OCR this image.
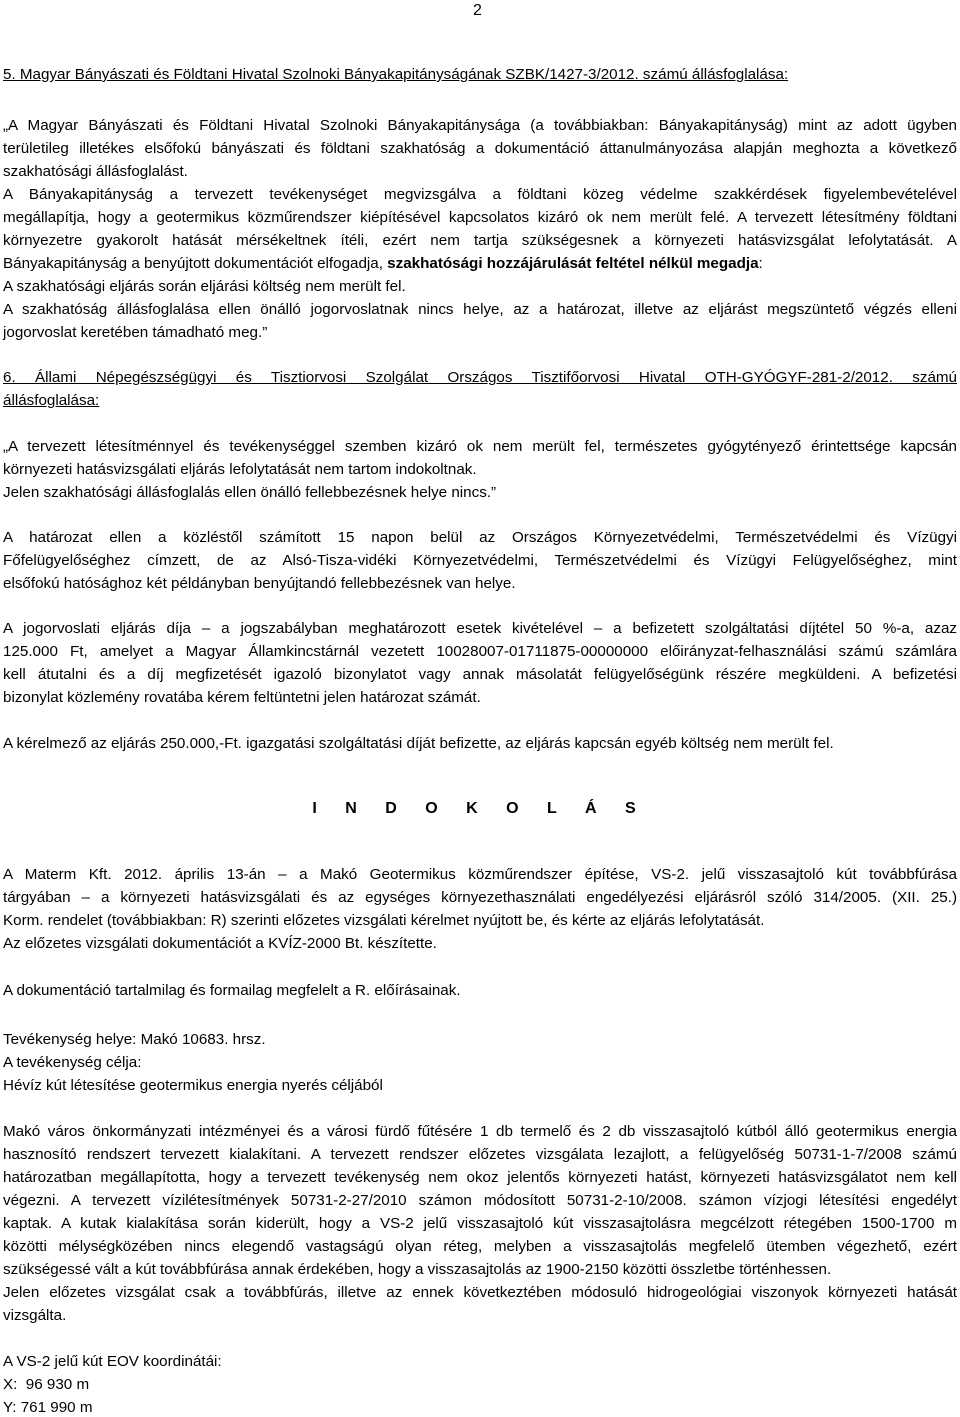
2
5. Magyar Bányászati és Földtani Hivatal Szolnoki Bányakapitányságának SZBK/1427-3/2012. számú állásfoglalása:
„A Magyar Bányászati és Földtani Hivatal Szolnoki Bányakapitánysága (a továbbiakban: Bányakapitányság) mint az adott ügyben
területileg illetékes elsőfokú bányászati és földtani szakhatóság a dokumentáció áttanulmányozása alapján meghozta a következő
szakhatósági állásfoglalást.
A Bányakapitányság a tervezett tevékenységet megvizsgálva a földtani közeg védelme szakkérdések figyelembevételével
megállapítja, hogy a geotermikus közműrendszer kiépítésével kapcsolatos kizáró ok nem merült felé. A tervezett létesítmény földtani
környezetre gyakorolt hatását mérsékeltnek ítéli, ezért nem tartja szükségesnek a környezeti hatásvizsgálat lefolytatását. A
Bányakapitányság a benyújtott dokumentációt elfogadja, szakhatósági hozzájárulását feltétel nélkül megadja:
A szakhatósági eljárás során eljárási költség nem merült fel.
A szakhatóság állásfoglalása ellen önálló jogorvoslatnak nincs helye, az a határozat, illetve az eljárást megszüntető végzés elleni
jogorvoslat keretében támadható meg.”
6. Állami Népegészségügyi és Tisztiorvosi Szolgálat Országos Tisztifőorvosi Hivatal OTH-GYÓGYF-281-2/2012. számú
állásfoglalása:
„A tervezett létesítménnyel és tevékenységgel szemben kizáró ok nem merült fel, természetes gyógytényező érintettsége kapcsán
környezeti hatásvizsgálati eljárás lefolytatását nem tartom indokoltnak.
Jelen szakhatósági állásfoglalás ellen önálló fellebbezésnek helye nincs.”
A határozat ellen a közléstől számított 15 napon belül az Országos Környezetvédelmi, Természetvédelmi és Vízügyi
Főfelügyelőséghez címzett, de az Alsó-Tisza-vidéki Környezetvédelmi, Természetvédelmi és Vízügyi Felügyelőséghez, mint
elsőfokú hatósághoz két példányban benyújtandó fellebbezésnek van helye.
A jogorvoslati eljárás díja – a jogszabályban meghatározott esetek kivételével – a befizetett szolgáltatási díjtétel 50 %-a, azaz
125.000 Ft, amelyet a Magyar Államkincstárnál vezetett 10028007-01711875-00000000 előirányzat-felhasználási számú számlára
kell átutalni és a díj megfizetését igazoló bizonylatot vagy annak másolatát felügyelőségünk részére megküldeni. A befizetési
bizonylat közlemény rovatába kérem feltüntetni jelen határozat számát.
A kérelmező az eljárás 250.000,-Ft. igazgatási szolgáltatási díját befizette, az eljárás kapcsán egyéb költség nem merült fel.
I N D O K O L Á S
A Materm Kft. 2012. április 13-án – a Makó Geotermikus közműrendszer építése, VS-2. jelű visszasajtoló kút továbbfúrása
tárgyában – a környezeti hatásvizsgálati és az egységes környezethasználati engedélyezési eljárásról szóló 314/2005. (XII. 25.)
Korm. rendelet (továbbiakban: R) szerinti előzetes vizsgálati kérelmet nyújtott be, és kérte az eljárás lefolytatását.
Az előzetes vizsgálati dokumentációt a KVÍZ-2000 Bt. készítette.
A dokumentáció tartalmilag és formailag megfelelt a R. előírásainak.
Tevékenység helye: Makó 10683. hrsz.
A tevékenység célja:
Hévíz kút létesítése geotermikus energia nyerés céljából
Makó város önkormányzati intézményei és a városi fürdő fűtésére 1 db termelő és 2 db visszasajtoló kútból álló geotermikus energia
hasznosító rendszert tervezett kialakítani. A tervezett rendszer előzetes vizsgálata lezajlott, a felügyelőség 50731-1-7/2008 számú
határozatban megállapította, hogy a tervezett tevékenység nem okoz jelentős környezeti hatást, környezeti hatásvizsgálatot nem kell
végezni. A tervezett vízilétesítmények 50731-2-27/2010 számon módosított 50731-2-10/2008. számon vízjogi létesítési engedélyt
kaptak. A kutak kialakítása során kiderült, hogy a VS-2 jelű visszasajtoló kút visszasajtolásra megcélzott rétegében 1500-1700 m
közötti mélységközében nincs elegendő vastagságú olyan réteg, melyben a visszasajtolás megfelelő ütemben végezhető, ezért
szükségessé vált a kút továbbfúrása annak érdekében, hogy a visszasajtolás az 1900-2150 közötti összletbe történhessen.
Jelen előzetes vizsgálat csak a továbbfúrás, illetve az ennek következtében módosuló hidrogeológiai viszonyok környezeti hatását
vizsgálta.
A VS-2 jelű kút EOV koordinátái:
X:  96 930 m
Y: 761 990 m
